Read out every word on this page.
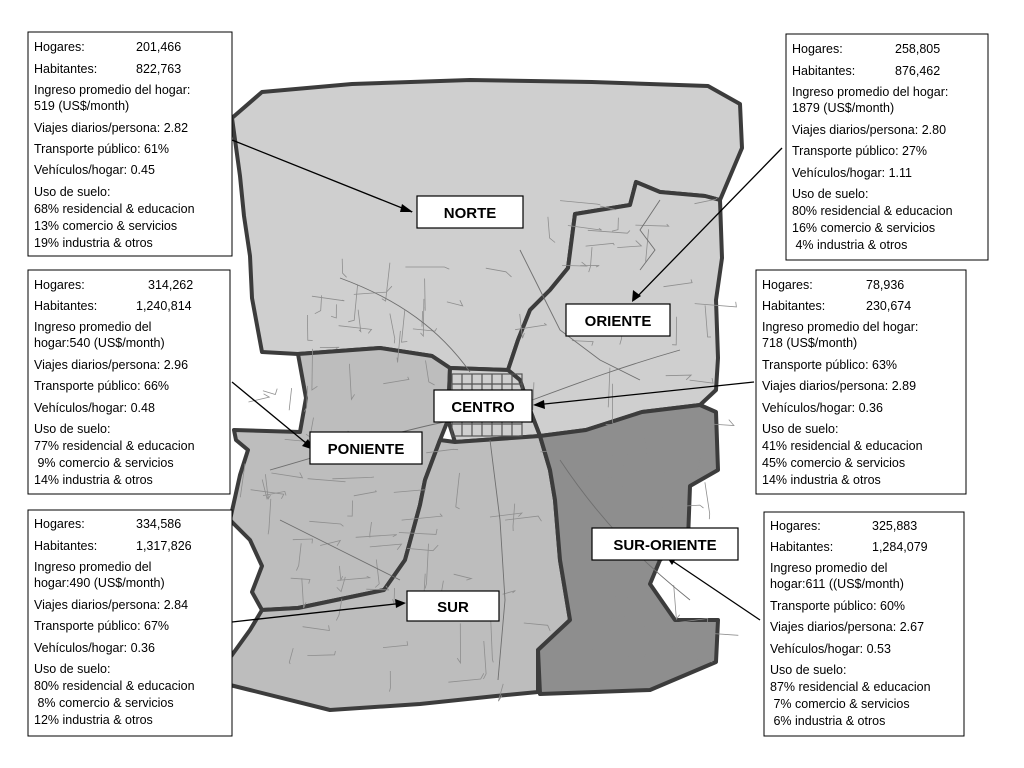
NORTE
ORIENTE
CENTRO
PONIENTE
SUR-ORIENTE
SUR
Hogares:	201,466
Habitantes:	822,763
Ingreso promedio del hogar:
519 (US$/month)
Viajes diarios/persona: 2.82
Transporte público: 61%
Vehículos/hogar: 0.45
Uso de suelo:
68% residencial & educacion
13% comercio & servicios
19% industria & otros
Hogares:	258,805
Habitantes:	876,462
Ingreso promedio del hogar:
1879 (US$/month)
Viajes diarios/persona: 2.80
Transporte público: 27%
Vehículos/hogar: 1.11
Uso de suelo:
80% residencial & educacion
16% comercio & servicios
4% industria & otros
Hogares:	314,262
Habitantes:	1,240,814
Ingreso promedio del
hogar:540 (US$/month)
Viajes diarios/persona: 2.96
Transporte público: 66%
Vehículos/hogar: 0.48
Uso de suelo:
77% residencial & educacion
9% comercio & servicios
14% industria & otros
Hogares:	78,936
Habitantes:	230,674
Ingreso promedio del hogar:
718 (US$/month)
Transporte público: 63%
Viajes diarios/persona: 2.89
Vehículos/hogar: 0.36
Uso de suelo:
41% residencial & educacion
45% comercio & servicios
14% industria & otros
Hogares:	334,586
Habitantes:	1,317,826
Ingreso promedio del
hogar:490 (US$/month)
Viajes diarios/persona: 2.84
Transporte público: 67%
Vehículos/hogar: 0.36
Uso de suelo:
80% residencial & educacion
8% comercio & servicios
12% industria & otros
Hogares:	325,883
Habitantes:	1,284,079
Ingreso promedio del
hogar:611 ((US$/month)
Transporte público: 60%
Viajes diarios/persona: 2.67
Vehículos/hogar: 0.53
Uso de suelo:
87% residencial & educacion
7% comercio & servicios
6% industria & otros
